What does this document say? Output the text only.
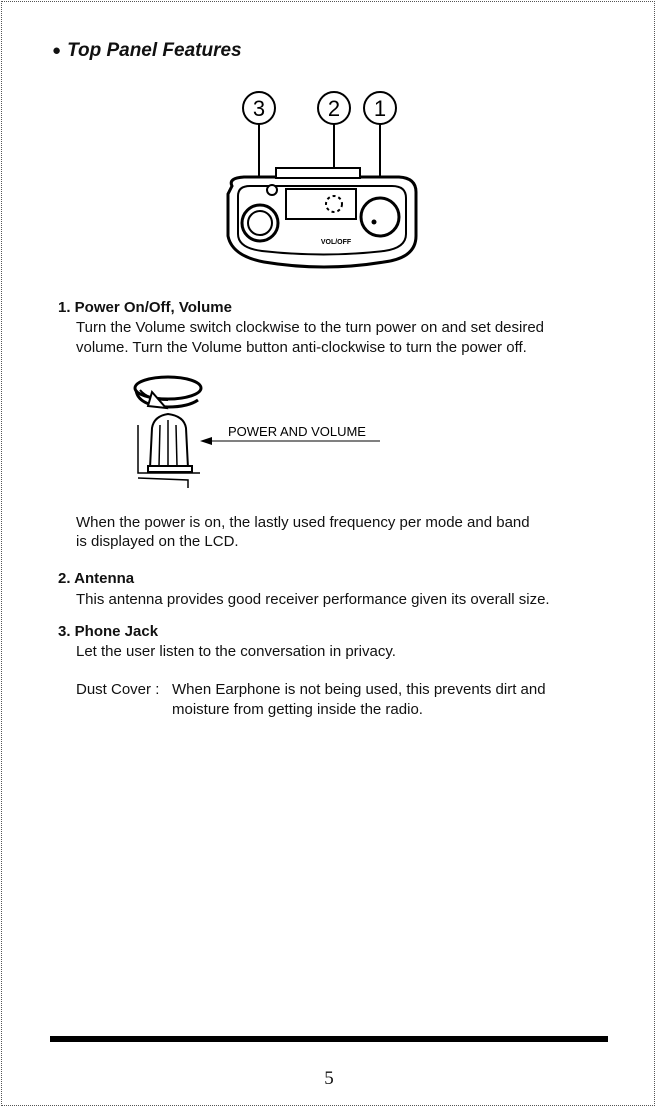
● Top Panel Features
3	2 1
VOL/OFF
1. Power On/Off, Volume
Turn the Volume switch clockwise to the turn power on and set desired
volume. Turn the Volume button anti-clockwise to turn the power off.
POWER AND VOLUME
When the power is on, the lastly used frequency per mode and band
is displayed on the LCD.
2. Antenna
This antenna provides good receiver performance given its overall size.
3. Phone Jack
Let the user listen to the conversation in privacy.
Dust Cover : When Earphone is not being used, this prevents dirt and
moisture from getting inside the radio.
5
